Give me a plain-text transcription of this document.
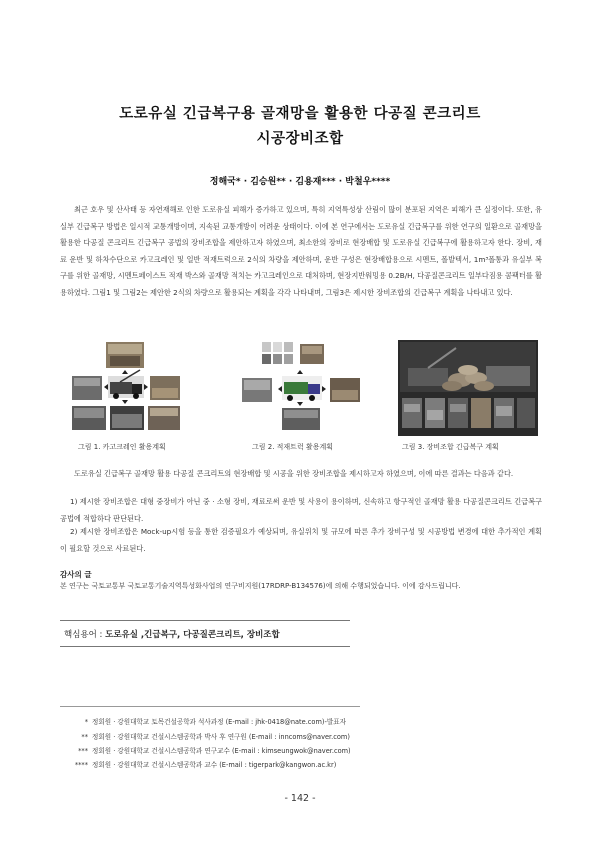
도로유실 긴급복구용 골재망을 활용한 다공질 콘크리트
시공장비조합
정해국* · 김승원** · 김용재*** · 박철우****

최근 호우 및 산사태 등 자연재해로 인한 도로유실 피해가 증가하고 있으며, 특히 지역특성상 산림이 많이 분포된 지역은 피해가 큰 실정이다. 또한, 유실부 긴급복구 방법은 일시적 교통개방이며, 지속된 교통개방이 어려운 상태이다. 이에 본 연구에서는 도로유실 긴급복구를 위한 연구의 일환으로 골재망을 활용한 다공질 콘크리트 긴급복구 공법의 장비조합을 제안하고자 하였으며, 최소한의 장비로 현장배합 및 도로유실 긴급복구에 활용하고자 한다. 장비, 재료 운반 및 하차수단으로 카고크레인 및 일반 적재트럭으로 2식의 차량을 제안하며, 운반 구성은 현장배합용으로 시멘트, 폴발텍서, 1m³폴통과 유실부 복구를 위한 골재망, 시멘트페이스트 적재 박스와 골재망 적치는 카고크레인으로 대처하며, 현장지반워밍용 0.2B/H, 다공질콘크리트 일부다짐용 콤팩터를 활용하였다. 그림1 및 그림2는 제안한 2식의 차량으로 활용되는 계획을 각각 나타내며, 그림3은 제시한 장비조합의 긴급복구 계획을 나타내고 있다.

그림 1. 카고크레인 활용계획	그림 2. 적재트럭 활용계획	그림 3. 장비조합 긴급복구 계획

도로유실 긴급복구 골재망 활용 다공질 콘크리트의 현장배합 및 시공을 위한 장비조합을 제시하고자 하였으며, 이에 따른 결과는 다음과 같다.

1) 제시한 장비조합은 대형 중장비가 아닌 중 · 소형 장비, 재료로써 운반 및 사용이 용이하며, 신속하고 항구적인 골재망 활용 다공질콘크리트 긴급복구 공법에 적합하다 판단된다.

2) 제시한 장비조합은 Mock-up시험 등을 통한 검증필요가 예상되며, 유실위치 및 규모에 따른 추가 장비구성 및 시공방법 변경에 대한 추가적인 계획이 필요할 것으로 사료된다.

감사의 글

본 연구는 국토교통부 국토교통기술지역특성화사업의 연구비지원(17RDRP-B134576)에 의해 수행되었습니다. 이에 감사드립니다.

핵심용어 : 도로유실 ,긴급복구, 다공질콘크리트, 장비조합
* 정회원 · 강원대학교 토목건설공학과 석사과정 (E-mail : jhk-0418@nate.com)-발표자
** 정회원 · 강원대학교 건설시스템공학과 박사 후 연구원 (E-mail : inncoms@naver.com)
*** 정회원 · 강원대학교 건설시스템공학과 연구교수 (E-mail : kimseungwok@naver.com)
**** 정회원 · 강원대학교 건설시스템공학과 교수 (E-mail : tigerpark@kangwon.ac.kr)
- 142 -
